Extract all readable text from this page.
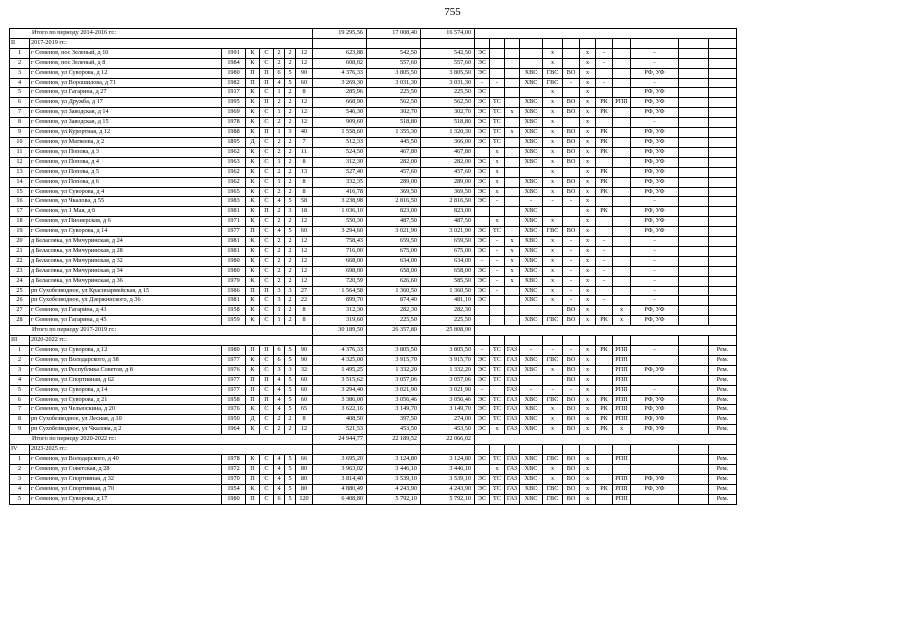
755
Итого по периоду 2014-2016 гг.:								19 295,56	17 008,40	16 574,00												
II	2017-2019 гг.:																					
1	г Семенов, пос Зеленый, д 10	1991	К	С	2	2	12	623,88	542,50	542,50	ЭС				x		x	-		-		
2	г Семенов, пос Зеленый, д 8	1984	К	С	2	2	12	608,02	557,60	557,60	ЭС				x		x	-		-		
3	г Семенов, ул Суворова, д 12	1980	П	П	6	5	90	4 376,33	3 805,50	3 805,50	ЭС			ХВС	ГВС	ВО	x			РФ, УФ		
4	г Семенов, ул Ворошилова, д 71	1982	П	П	4	5	60	3 269,30	3 031,30	3 031,30	-	-		ХВС	ГВС	-	x	-		-		
5	г Семенов, ул Гагарина, д 27	1917	К	С	1	2	8	285,96	225,50	225,50	ЭС				x		x			РФ, УФ		
6	г Семенов, ул Дружба, д 17	1995	К	П	2	2	12	668,90	562,50	562,50	ЭС	ТС		ХВС	x	ВО	x	РК	РПП	РФ, УФ		
7	г Семенов, ул Заводская, д 14	1969	К	С	1	2	12	546,30	302,70	302,70	ЭС	ТС	x	ХВС	x	ВО	x	РК		РФ, УФ		
8	г Семенов, ул Заводская, д 15	1978	К	С	2	2	12	909,60	518,80	518,80	ЭС	ТС		ХВС	x		x			-		
9	г Семенов, ул Курортная, д 12	1988	К	П	1	3	40	1 558,60	1 355,30	1 320,30	ЭС	ТС	x	ХВС	x	ВО	x	РК		РФ, УФ		
10	г Семенов, ул Матвеева, д 2	1895	Д	С	2	2	7	512,33	445,50	366,00	ЭС	ТС		ХВС	x	ВО	x	РК		РФ, УФ		
11	г Семенов, ул Попова, д 3	1962	К	С	2	2	11	524,50	467,80	467,80		x		ХВС	x	ВО	x	РК		РФ, УФ		
12	г Семенов, ул Попова, д 4	1963	К	С	1	2	8	312,30	282,00	282,00	ЭС	x		ХВС	x	ВО	x			РФ, УФ		
13	г Семенов, ул Попова, д 5	1962	К	С	2	2	13	527,40	457,60	457,60	ЭС	x			x		x	РК		РФ, УФ		
14	г Семенов, ул Попова, д 6	1962	К	С	1	2	8	332,35	289,00	289,00	ЭС	x		ХВС	x	ВО	x	РК		РФ, УФ		
15	г Семенов, ул Суворова, д 4	1965	К	С	2	2	8	416,78	369,50	369,50	ЭС	x		ХВС	x	ВО	x	РК		РФ, УФ		
16	г Семенов, ул Чкалова, д 55	1983	К	С	4	5	58	3 238,98	2 816,50	2 816,50	ЭС	-		-	-	-	x			-		
17	г Семенов, ул 1 Мая, д 6	1981	К	П	2	3	18	1 036,10	823,00	823,00				ХВС			x	РК		РФ, УФ		
18	г Семенов, ул Пионерская, д 6	1971	К	С	2	2	12	550,30	487,50	487,50		x		ХВС	x		x			РФ, УФ		
19	г Семенов, ул Суворова, д 14	1977	П	С	4	5	60	3 294,60	3 021,90	3 021,90	ЭС	ТС		ХВС	ГВС	ВО	x			РФ, УФ		
20	д Беласовка, ул Мичуринская, д 24	1981	К	С	2	2	12	758,43	659,50	659,50	ЭС	-	x	ХВС	x	-	x	-		-		
21	д Беласовка, ул Мичуринская, д 28	1981	К	С	2	2	12	716,00	675,00	675,00	ЭС	-	x	ХВС	x	-	x	-		-		
22	д Беласовка, ул Мичуринская, д 32	1980	К	С	2	2	12	668,00	634,00	634,00	-	-	x	ХВС	x	-	x	-		-		
23	д Беласовка, ул Мичуринская, д 34	1980	К	С	2	2	12	698,00	658,00	658,00	ЭС	-	x	ХВС	x	-	x	-		-		
24	д Беласовка, ул Мичуринская, д 36	1979	К	С	2	2	12	720,59	626,60	585,50	ЭС	-	x	ХВС	x	-	x	-		-		
25	рп Сухобезводное, ул Красноармейская, д 15	1986	П	П	3	3	27	1 564,58	1 360,50	1 360,50	ЭС	-		ХВС	x	-	x			-		
26	рп Сухобезводное, ул Дзержинского, д 36	1981	К	С	3	2	22	899,70	874,40	481,10	ЭС			ХВС	x	-	x	-		-		
27	г Семенов, ул Гагарина, д 43	1958	К	С	1	2	8	312,30	282,30	282,30						ВО	x		x	РФ, УФ		
28	г Семенов, ул Гагарина, д 45	1959	К	С	1	2	8	319,60	225,50	225,50				ХВС	ГВС	ВО	x	РК	x	РФ, УФ		
Итого по периоду 2017-2019 гг.:								30 189,50	26 357,80	25 808,90												
III	2020-2022 гг.:																					
1	г Семенов, ул Суворова, д 12	1980	П	П	6	5	90	4 376,33	3 805,50	3 805,50	-	ТС	ГАЗ	-	-	-	x	РК	РПП	-		Рем.
2	г Семенов, ул Володарского, д 38	1977	К	С	6	5	90	4 325,00	3 915,70	3 915,70	ЭС	ТС	ГАЗ	ХВС	ГВС	ВО	x		РПП			Рем.
3	г Семенов, ул Республика Советов, д 8	1976	К	С	3	3	32	1 495,25	1 332,20	1 332,20	ЭС	ТС	ГАЗ	ХВС	x	ВО	x		РПП	РФ, УФ		Рем.
4	г Семенов, ул Спортивная, д 62	1977	П	П	4	5	60	3 515,62	3 057,06	3 057,06	ЭС	ТС	ГАЗ			ВО	x		РПП			Рем.
5	г Семенов, ул Суворова, д 14	1977	П	С	4	5	60	3 294,40	3 021,90	3 021,90	-		ГАЗ	-	-	-	x		РПП	-		Рем.
6	г Семенов, ул Суворова, д 21	1958	П	П	4	5	60	3 386,00	3 056,46	3 056,46	ЭС	ТС	ГАЗ	ХВС	ГВС	ВО	x	РК	РПП	РФ, УФ		Рем.
7	г Семенов, ул Чельюскина, д 20	1976	К	С	4	5	65	3 622,16	3 149,70	3 149,70	ЭС	ТС	ГАЗ	ХВС	x	ВО	x	РК	РПП	РФ, УФ		Рем.
8	рп Сухобезводное, ул Лесная, д 10	1950	Д	С	2	2	8	408,50	397,50	274,00	ЭС	ТС	ГАЗ	ХВС	x	ВО	x	РК	РПП	РФ, УФ		Рем.
9	рп Сухобезводное, ул Чкалова, д 2	1964	К	С	2	2	12	521,53	453,50	453,50	ЭС	x	ГАЗ	ХВС	x	ВО	x	РК	x	РФ, УФ		Рем.
Итого по периоду 2020-2022 гг.:								24 944,77	22 189,52	22 066,02												
IV	2023-2025 гг.:																					
1	г Семенов, ул Володарского, д 40	1978	К	С	4	5	66	3 695,20	3 124,80	3 124,80	ЭС	ТС	ГАЗ	ХВС	ГВС	ВО	x		РПП			Рем.
2	г Семенов, ул Советская, д 28	1972	П	С	4	5	80	3 963,02	3 446,10	3 446,10		x	ГАЗ	ХВС	x	ВО	x					Рем.
3	г Семенов, ул Спортивная, д 32	1970	П	С	4	5	80	3 814,40	3 539,10	3 539,10	ЭС	ТС	ГАЗ	ХВС	x	ВО	x		РПП	РФ, УФ		Рем.
4	г Семенов, ул Спортивная, д 70	1954	К	С	4	5	80	4 880,49	4 243,90	4 243,90	ЭС	ТС	ГАЗ	ХВС	ГВС	ВО	x	РК	РПП	РФ, УФ		Рем.
5	г Семенов, ул Суворова, д 17	1980	П	С	6	5	120	6 408,80	5 792,10	5 792,10	ЭС	ТС	ГАЗ	ХВС	ГВС	ВО	x		РПП			Рем.
